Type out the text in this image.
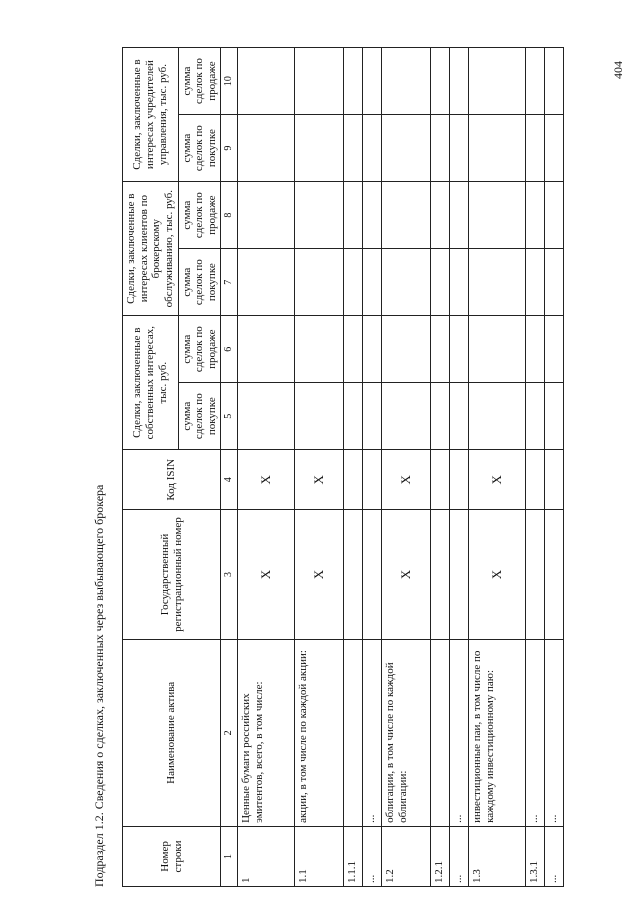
404
Подраздел 1.2. Сведения о сделках, заключенных через выбывающего брокера	Номер строки	Наименование актива	Государственный регистрационный номер	Код ISIN	Сделки, заключенные в собственных интересах, тыс. руб.		Сделки, заключенные в интересах клиентов по брокерскому обслуживанию, тыс. руб.		Сделки, заключенные в интересах учредителей управления, тыс. руб.	
				сумма сделок по покупке	сумма сделок по продаже	сумма сделок по покупке	сумма сделок по продаже	сумма сделок по покупке	сумма сделок по продаже
1	2	3	4	5	6	7	8	9	10
1	Ценные бумаги российских эмитентов, всего, в том числе:	X	X						
1.1	акции, в том числе по каждой акции:	X	X						
1.1.1									
...	...								
1.2	облигации, в том числе по каждой облигации:	X	X						
1.2.1									
...	...								
1.3	инвестиционные паи, в том числе по каждому инвестиционному паю:	X	X						
1.3.1	...								
...	...								
